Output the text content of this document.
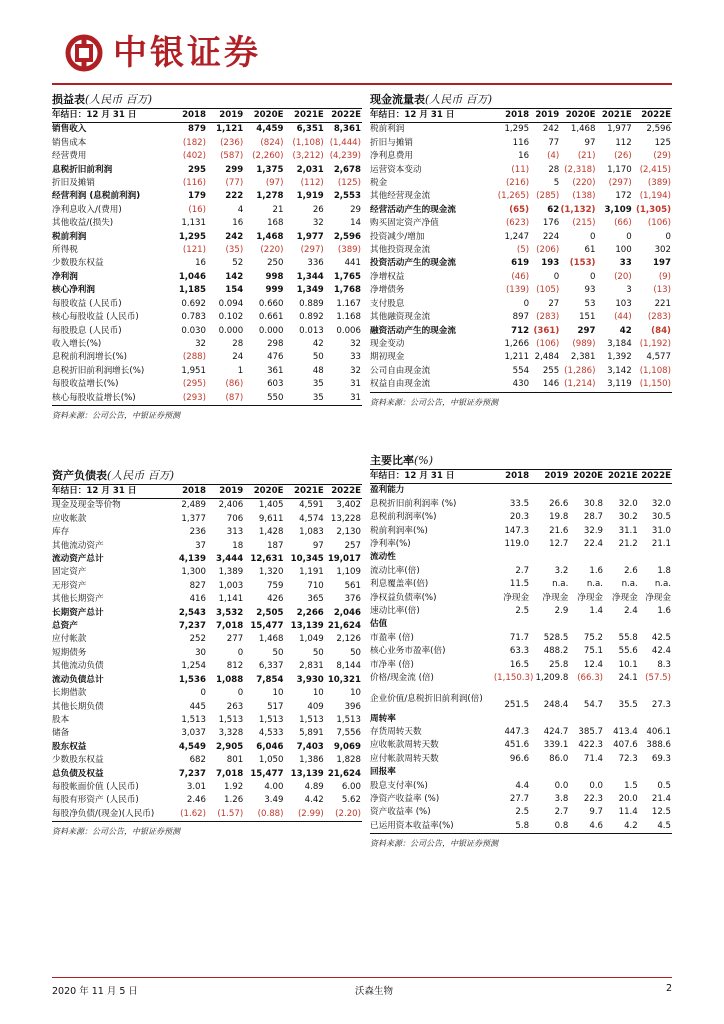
中银证券
损益表(人民币 百万)
年结日：12 月 31 日	2018	2019	2020E	2021E	2022E
销售收入	879	1,121	4,459	6,351	8,361
销售成本	(182)	(236)	(824)	(1,108)	(1,444)
经营费用	(402)	(587)	(2,260)	(3,212)	(4,239)
息税折旧前利润	295	299	1,375	2,031	2,678
折旧及摊销	(116)	(77)	(97)	(112)	(125)
经营利润 (息税前利润)	179	222	1,278	1,919	2,553
净利息收入/(费用)	(16)	4	21	26	29
其他收益/(损失)	1,131	16	168	32	14
税前利润	1,295	242	1,468	1,977	2,596
所得税	(121)	(35)	(220)	(297)	(389)
少数股东权益	16	52	250	336	441
净利润	1,046	142	998	1,344	1,765
核心净利润	1,185	154	999	1,349	1,768
每股收益 (人民币)	0.692	0.094	0.660	0.889	1.167
核心每股收益 (人民币)	0.783	0.102	0.661	0.892	1.168
每股股息 (人民币)	0.030	0.000	0.000	0.013	0.006
收入增长(%)	32	28	298	42	32
息税前利润增长(%)	(288)	24	476	50	33
息税折旧前利润增长(%)	1,951	1	361	48	32
每股收益增长(%)	(295)	(86)	603	35	31
核心每股收益增长(%)	(293)	(87)	550	35	31
资料来源：公司公告，中银证券预测
现金流量表(人民币 百万)
年结日：12 月 31 日	2018	2019	2020E	2021E	2022E
税前利润	1,295	242	1,468	1,977	2,596
折旧与摊销	116	77	97	112	125
净利息费用	16	(4)	(21)	(26)	(29)
运营资本变动	(11)	28	(2,318)	1,170	(2,415)
税金	(216)	5	(220)	(297)	(389)
其他经营现金流	(1,265)	(285)	(138)	172	(1,194)
经营活动产生的现金流	(65)	62	(1,132)	3,109	(1,305)
购买固定资产净值	(623)	176	(215)	(66)	(106)
投资减少/增加	1,247	224	0	0	0
其他投资现金流	(5)	(206)	61	100	302
投资活动产生的现金流	619	193	(153)	33	197
净增权益	(46)	0	0	(20)	(9)
净增债务	(139)	(105)	93	3	(13)
支付股息	0	27	53	103	221
其他融资现金流	897	(283)	151	(44)	(283)
融资活动产生的现金流	712	(361)	297	42	(84)
现金变动	1,266	(106)	(989)	3,184	(1,192)
期初现金	1,211	2,484	2,381	1,392	4,577
公司自由现金流	554	255	(1,286)	3,142	(1,108)
权益自由现金流	430	146	(1,214)	3,119	(1,150)
资料来源：公司公告，中银证券预测
资产负债表(人民币 百万)
年结日：12 月 31 日	2018	2019	2020E	2021E	2022E
现金及现金等价物	2,489	2,406	1,405	4,591	3,402
应收帐款	1,377	706	9,611	4,574	13,228
库存	236	313	1,428	1,083	2,130
其他流动资产	37	18	187	97	257
流动资产总计	4,139	3,444	12,631	10,345	19,017
固定资产	1,300	1,389	1,320	1,191	1,109
无形资产	827	1,003	759	710	561
其他长期资产	416	1,141	426	365	376
长期资产总计	2,543	3,532	2,505	2,266	2,046
总资产	7,237	7,018	15,477	13,139	21,624
应付帐款	252	277	1,468	1,049	2,126
短期债务	30	0	50	50	50
其他流动负债	1,254	812	6,337	2,831	8,144
流动负债总计	1,536	1,088	7,854	3,930	10,321
长期借款	0	0	10	10	10
其他长期负债	445	263	517	409	396
股本	1,513	1,513	1,513	1,513	1,513
储备	3,037	3,328	4,533	5,891	7,556
股东权益	4,549	2,905	6,046	7,403	9,069
少数股东权益	682	801	1,050	1,386	1,828
总负债及权益	7,237	7,018	15,477	13,139	21,624
每股帐面价值 (人民币)	3.01	1.92	4.00	4.89	6.00
每股有形资产 (人民币)	2.46	1.26	3.49	4.42	5.62
每股净负债/(现金)(人民币)	(1.62)	(1.57)	(0.88)	(2.99)	(2.20)
资料来源：公司公告，中银证券预测
主要比率(%)
年结日：12 月 31 日	2018	2019	2020E	2021E	2022E
盈利能力					
息税折旧前利润率 (%)	33.5	26.6	30.8	32.0	32.0
息税前利润率(%)	20.3	19.8	28.7	30.2	30.5
税前利润率(%)	147.3	21.6	32.9	31.1	31.0
净利率(%)	119.0	12.7	22.4	21.2	21.1
流动性					
流动比率(倍)	2.7	3.2	1.6	2.6	1.8
利息覆盖率(倍)	11.5	n.a.	n.a.	n.a.	n.a.
净权益负债率(%)	净现金	净现金	净现金	净现金	净现金
速动比率(倍)	2.5	2.9	1.4	2.4	1.6
估值					
市盈率 (倍)	71.7	528.5	75.2	55.8	42.5
核心业务市盈率(倍)	63.3	488.2	75.1	55.6	42.4
市净率 (倍)	16.5	25.8	12.4	10.1	8.3
价格/现金流 (倍)	(1,150.3)	1,209.8	(66.3)	24.1	(57.5)
企业价值/息税折旧前利润(倍)	251.5	248.4	54.7	35.5	27.3
周转率					
存货周转天数	447.3	424.7	385.7	413.4	406.1
应收帐款周转天数	451.6	339.1	422.3	407.6	388.6
应付帐款周转天数	96.6	86.0	71.4	72.3	69.3
回报率					
股息支付率(%)	4.4	0.0	0.0	1.5	0.5
净资产收益率 (%)	27.7	3.8	22.3	20.0	21.4
资产收益率 (%)	2.5	2.7	9.7	11.4	12.5
已运用资本收益率(%)	5.8	0.8	4.6	4.2	4.5
资料来源：公司公告，中银证券预测
2020 年 11 月 5 日	沃森生物	2
